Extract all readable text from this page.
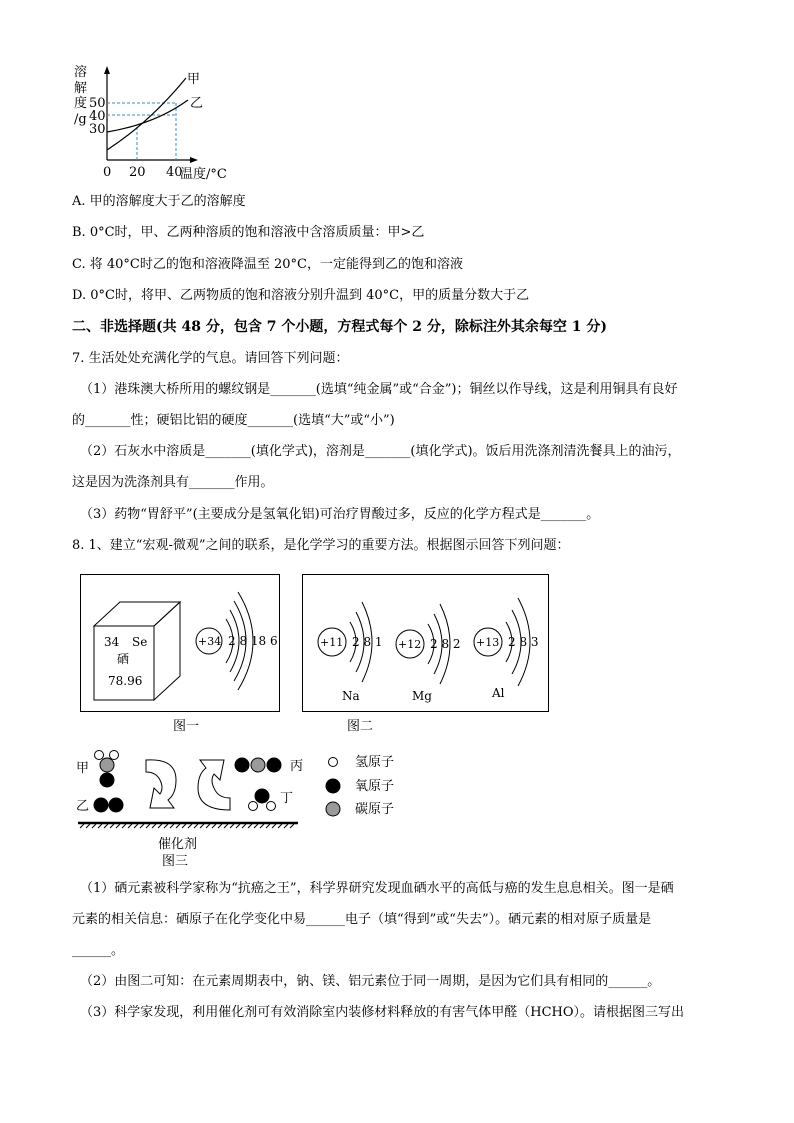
溶
解
度
/g
甲
乙
50
40
30
0 20 40
温度/°C
A. 甲的溶解度大于乙的溶解度
B. 0°C时，甲、乙两种溶质的饱和溶液中含溶质质量：甲>乙
C. 将 40°C时乙的饱和溶液降温至 20°C，一定能得到乙的饱和溶液
D. 0°C时，将甲、乙两物质的饱和溶液分别升温到 40°C，甲的质量分数大于乙
二、非选择题(共 48 分，包含 7 个小题，方程式每个 2 分，除标注外其余每空 1 分)
7. 生活处处充满化学的气息。请回答下列问题：
（1）港珠澳大桥所用的螺纹钢是_______(选填“纯金属”或“合金”)；铜丝以作导线，这是利用铜具有良好
的_______性；硬铝比铝的硬度_______(选填“大”或“小”)
（2）石灰水中溶质是_______(填化学式)，溶剂是_______(填化学式)。饭后用洗涤剂清洗餐具上的油污，
这是因为洗涤剂具有_______作用。
（3）药物“胃舒平”(主要成分是氢氧化铝)可治疗胃酸过多，反应的化学方程式是_______。
8. 1、建立“宏观-微观”之间的联系，是化学学习的重要方法。根据图示回答下列问题：
34 Se
硒
78.96
+34 2 8 18 6
图一
+11 2 8 1
Na
+12 2 8 2
Mg
+13 2 8 3
Al
图二
甲
乙
丙
丁
催化剂
图三
氢原子
氧原子
碳原子
（1）硒元素被科学家称为“抗癌之王”，科学界研究发现血硒水平的高低与癌的发生息息相关。图一是硒
元素的相关信息：硒原子在化学变化中易______电子（填“得到”或“失去”）。硒元素的相对原子质量是
______。
（2）由图二可知：在元素周期表中，钠、镁、铝元素位于同一周期，是因为它们具有相同的______。
（3）科学家发现，利用催化剂可有效消除室内装修材料释放的有害气体甲醛（HCHO）。请根据图三写出
